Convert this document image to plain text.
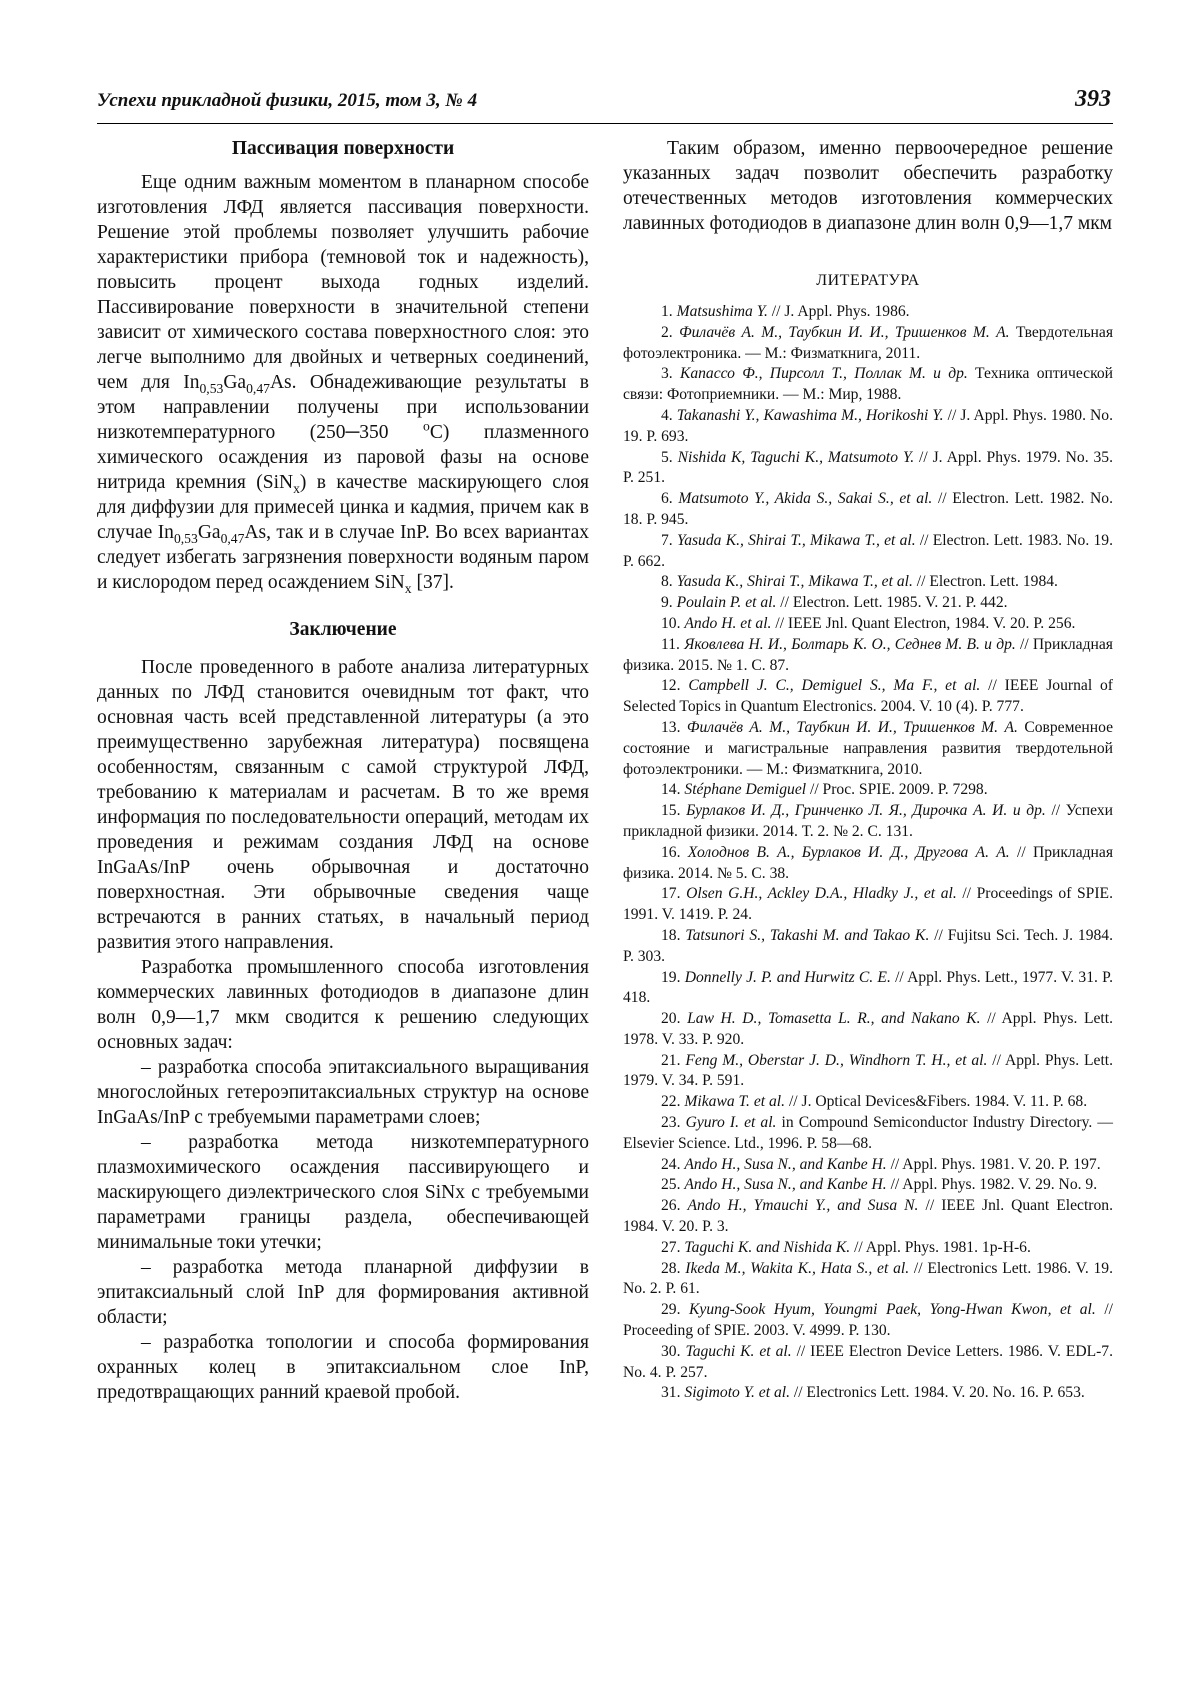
Успехи прикладной физики, 2015, том 3, № 4	393
Пассивация поверхности

Еще одним важным моментом в планарном способе изготовления ЛФД является пассивация поверхности. Решение этой проблемы позволяет улучшить рабочие характеристики прибора (темновой ток и надежность), повысить процент выхода годных изделий. Пассивирование поверхности в значительной степени зависит от химического состава поверхностного слоя: это легче выполнимо для двойных и четверных соединений, чем для $In_{0,53}Ga_{0,47}As$. Обнадеживающие результаты в этом направлении получены при использовании низкотемпературного (250─350 $^o$C) плазменного химического осаждения из паровой фазы на основе нитрида кремния (SiN$_x$) в качестве маскирующего слоя для диффузии для примесей цинка и кадмия, причем как в случае $In_{0,53}Ga_{0,47}As$, так и в случае InP. Во всех вариантах следует избегать загрязнения поверхности водяным паром и кислородом перед осаждением SiN$_x$ [37].

Заключение

После проведенного в работе анализа литературных данных по ЛФД становится очевидным тот факт, что основная часть всей представленной литературы (а это преимущественно зарубежная литература) посвящена особенностям, связанным с самой структурой ЛФД, требованию к материалам и расчетам. В то же время информация по последовательности операций, методам их проведения и режимам создания ЛФД на основе InGaAs/InP очень обрывочная и достаточно поверхностная. Эти обрывочные сведения чаще встречаются в ранних статьях, в начальный период развития этого направления.

Разработка промышленного способа изготовления коммерческих лавинных фотодиодов в диапазоне длин волн 0,9—1,7 мкм сводится к решению следующих основных задач:

– разработка способа эпитаксиального выращивания многослойных гетероэпитаксиальных структур на основе InGaAs/InP с требуемыми параметрами слоев;

– разработка метода низкотемпературного плазмохимического осаждения пассивирующего и маскирующего диэлектрического слоя SiNx с требуемыми параметрами границы раздела, обеспечивающей минимальные токи утечки;

– разработка метода планарной диффузии в эпитаксиальный слой InP для формирования активной области;

– разработка топологии и способа формирования охранных колец в эпитаксиальном слое InP, предотвращающих ранний краевой пробой.

Таким образом, именно первоочередное решение указанных задач позволит обеспечить разработку отечественных методов изготовления коммерческих лавинных фотодиодов в диапазоне длин волн 0,9—1,7 мкм

ЛИТЕРАТУРА

1. Matsushima Y. // J. Appl. Phys. 1986.

2. Филачёв А. М., Таубкин И. И., Тришенков М. А. Твердотельная фотоэлектроника. — М.: Физматкнига, 2011.

3. Капассо Ф., Пирсолл Т., Поллак М. и др. Техника оптической связи: Фотоприемники. — М.: Мир, 1988.

4. Takanashi Y., Kawashima M., Horikoshi Y. // J. Appl. Phys. 1980. No. 19. P. 693.

5. Nishida K, Taguchi K., Matsumoto Y. // J. Appl. Phys. 1979. No. 35. P. 251.

6. Matsumoto Y., Akida S., Sakai S., et al. // Electron. Lett. 1982. No. 18. P. 945.

7. Yasuda K., Shirai T., Mikawa T., et al. // Electron. Lett. 1983. No. 19. P. 662.

8. Yasuda K., Shirai T., Mikawa T., et al. // Electron. Lett. 1984.

9. Poulain P. et al. // Electron. Lett. 1985. V. 21. P. 442.

10. Ando H. et al. // IEEE Jnl. Quant Electron, 1984. V. 20. P. 256.

11. Яковлева Н. И., Болтарь К. О., Седнев М. В. и др. // Прикладная физика. 2015. № 1. С. 87.

12. Campbell J. C., Demiguel S., Ma F., et al. // IEEE Journal of Selected Topics in Quantum Electronics. 2004. V. 10 (4). P. 777.

13. Филачёв А. М., Таубкин И. И., Тришенков М. А. Современное состояние и магистральные направления развития твердотельной фотоэлектроники. — М.: Физматкнига, 2010.

14. Stéphane Demiguel // Proc. SPIE. 2009. P. 7298.

15. Бурлаков И. Д., Гринченко Л. Я., Дирочка А. И. и др. // Успехи прикладной физики. 2014. Т. 2. № 2. С. 131.

16. Холоднов В. А., Бурлаков И. Д., Другова А. А. // Прикладная физика. 2014. № 5. С. 38.

17. Olsen G.H., Ackley D.A., Hladky J., et al. // Proceedings of SPIE. 1991. V. 1419. P. 24.

18. Tatsunori S., Takashi M. and Takao K. // Fujitsu Sci. Tech. J. 1984. P. 303.

19. Donnelly J. P. and Hurwitz C. E. // Appl. Phys. Lett., 1977. V. 31. P. 418.

20. Law H. D., Tomasetta L. R., and Nakano K. // Appl. Phys. Lett. 1978. V. 33. P. 920.

21. Feng M., Oberstar J. D., Windhorn T. H., et al. // Appl. Phys. Lett. 1979. V. 34. P. 591.

22. Mikawa T. et al. // J. Optical Devices&Fibers. 1984. V. 11. P. 68.

23. Gyuro I. et al. in Compound Semiconductor Industry Directory. — Elsevier Science. Ltd., 1996. P. 58—68.

24. Ando H., Susa N., and Kanbe H. // Appl. Phys. 1981. V. 20. P. 197.

25. Ando H., Susa N., and Kanbe H. // Appl. Phys. 1982. V. 29. No. 9.

26. Ando H., Ymauchi Y., and Susa N. // IEEE Jnl. Quant Electron. 1984. V. 20. P. 3.

27. Taguchi K. and Nishida K. // Appl. Phys. 1981. 1p-H-6.

28. Ikeda M., Wakita K., Hata S., et al. // Electronics Lett. 1986. V. 19. No. 2. P. 61.

29. Kyung-Sook Hyum, Youngmi Paek, Yong-Hwan Kwon, et al. // Proceeding of SPIE. 2003. V. 4999. P. 130.

30. Taguchi K. et al. // IEEE Electron Device Letters. 1986. V. EDL-7. No. 4. P. 257.

31. Sigimoto Y. et al. // Electronics Lett. 1984. V. 20. No. 16. P. 653.
